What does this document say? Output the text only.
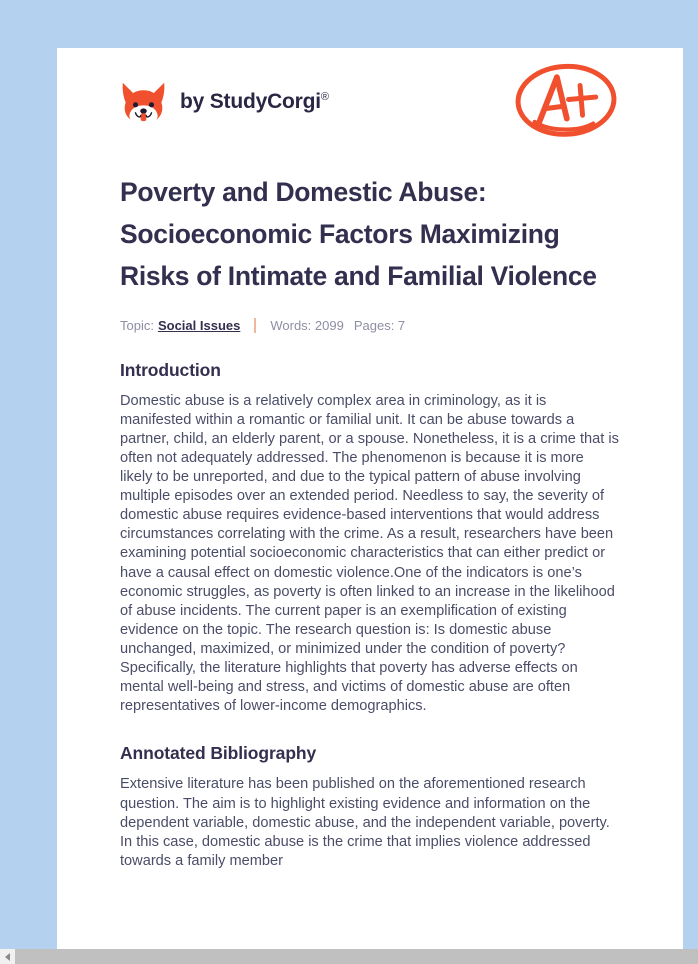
by StudyCorgi®
Poverty and Domestic Abuse: Socioeconomic Factors Maximizing Risks of Intimate and Familial Violence
Topic: Social Issues Words: 2099 Pages: 7
Introduction

Domestic abuse is a relatively complex area in criminology, as it is manifested within a romantic or familial unit. It can be abuse towards a partner, child, an elderly parent, or a spouse. Nonetheless, it is a crime that is often not adequately addressed. The phenomenon is because it is more likely to be unreported, and due to the typical pattern of abuse involving multiple episodes over an extended period. Needless to say, the severity of domestic abuse requires evidence-based interventions that would address circumstances correlating with the crime. As a result, researchers have been examining potential socioeconomic characteristics that can either predict or have a causal effect on domestic violence.One of the indicators is one’s economic struggles, as poverty is often linked to an increase in the likelihood of abuse incidents. The current paper is an exemplification of existing evidence on the topic. The research question is: Is domestic abuse unchanged, maximized, or minimized under the condition of poverty? Specifically, the literature highlights that poverty has adverse effects on mental well-being and stress, and victims of domestic abuse are often representatives of lower-income demographics.

Annotated Bibliography

Extensive literature has been published on the aforementioned research question. The aim is to highlight existing evidence and information on the dependent variable, domestic abuse, and the independent variable, poverty. In this case, domestic abuse is the crime that implies violence addressed towards a family member
